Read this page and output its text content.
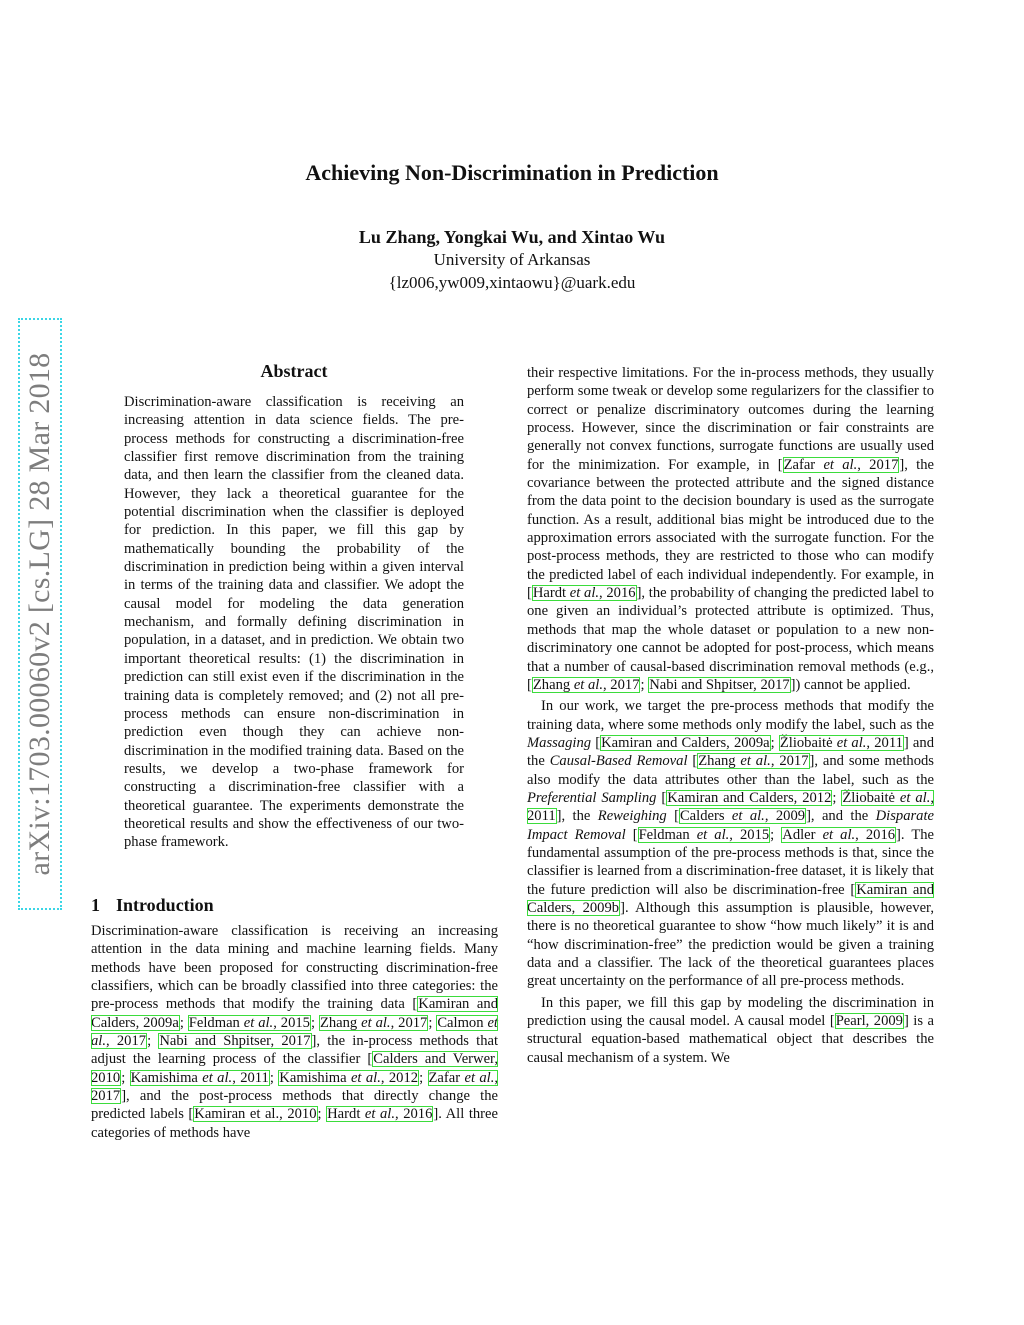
arXiv:1703.00060v2 [cs.LG] 28 Mar 2018
Achieving Non-Discrimination in Prediction
Lu Zhang, Yongkai Wu, and Xintao Wu
University of Arkansas
{lz006,yw009,xintaowu}@uark.edu
Abstract
Discrimination-aware classification is receiving an increasing attention in data science fields. The pre-process methods for constructing a discrimination-free classifier first remove discrimination from the training data, and then learn the classifier from the cleaned data. However, they lack a theoretical guarantee for the potential discrimination when the classifier is deployed for prediction. In this paper, we fill this gap by mathematically bounding the probability of the discrimination in prediction being within a given interval in terms of the training data and classifier. We adopt the causal model for modeling the data generation mechanism, and formally defining discrimination in population, in a dataset, and in prediction. We obtain two important theoretical results: (1) the discrimination in prediction can still exist even if the discrimination in the training data is completely removed; and (2) not all pre-process methods can ensure non-discrimination in prediction even though they can achieve non-discrimination in the modified training data. Based on the results, we develop a two-phase framework for constructing a discrimination-free classifier with a theoretical guarantee. The experiments demonstrate the theoretical results and show the effectiveness of our two-phase framework.
1 Introduction
Discrimination-aware classification is receiving an increasing attention in the data mining and machine learning fields. Many methods have been proposed for constructing discrimination-free classifiers, which can be broadly classified into three categories: the pre-process methods that modify the training data [Kamiran and Calders, 2009a; Feldman et al., 2015; Zhang et al., 2017; Calmon et al., 2017; Nabi and Shpitser, 2017], the in-process methods that adjust the learning process of the classifier [Calders and Verwer, 2010; Kamishima et al., 2011; Kamishima et al., 2012; Zafar et al., 2017], and the post-process methods that directly change the predicted labels [Kamiran et al., 2010; Hardt et al., 2016]. All three categories of methods have

their respective limitations. For the in-process methods, they usually perform some tweak or develop some regularizers for the classifier to correct or penalize discriminatory outcomes during the learning process. However, since the discrimination or fair constraints are generally not convex functions, surrogate functions are usually used for the minimization. For example, in [Zafar et al., 2017], the covariance between the protected attribute and the signed distance from the data point to the decision boundary is used as the surrogate function. As a result, additional bias might be introduced due to the approximation errors associated with the surrogate function. For the post-process methods, they are restricted to those who can modify the predicted label of each individual independently. For example, in [Hardt et al., 2016], the probability of changing the predicted label to one given an individual’s protected attribute is optimized. Thus, methods that map the whole dataset or population to a new non-discriminatory one cannot be adopted for post-process, which means that a number of causal-based discrimination removal methods (e.g., [Zhang et al., 2017; Nabi and Shpitser, 2017]) cannot be applied.

In our work, we target the pre-process methods that modify the training data, where some methods only modify the label, such as the Massaging [Kamiran and Calders, 2009a; Žliobaitė et al., 2011] and the Causal-Based Removal [Zhang et al., 2017], and some methods also modify the data attributes other than the label, such as the Preferential Sampling [Kamiran and Calders, 2012; Žliobaitė et al., 2011], the Reweighing [Calders et al., 2009], and the Disparate Impact Removal [Feldman et al., 2015; Adler et al., 2016]. The fundamental assumption of the pre-process methods is that, since the classifier is learned from a discrimination-free dataset, it is likely that the future prediction will also be discrimination-free [Kamiran and Calders, 2009b]. Although this assumption is plausible, however, there is no theoretical guarantee to show “how much likely” it is and “how discrimination-free” the prediction would be given a training data and a classifier. The lack of the theoretical guarantees places great uncertainty on the performance of all pre-process methods.

In this paper, we fill this gap by modeling the discrimination in prediction using the causal model. A causal model [Pearl, 2009] is a structural equation-based mathematical object that describes the causal mechanism of a system. We
